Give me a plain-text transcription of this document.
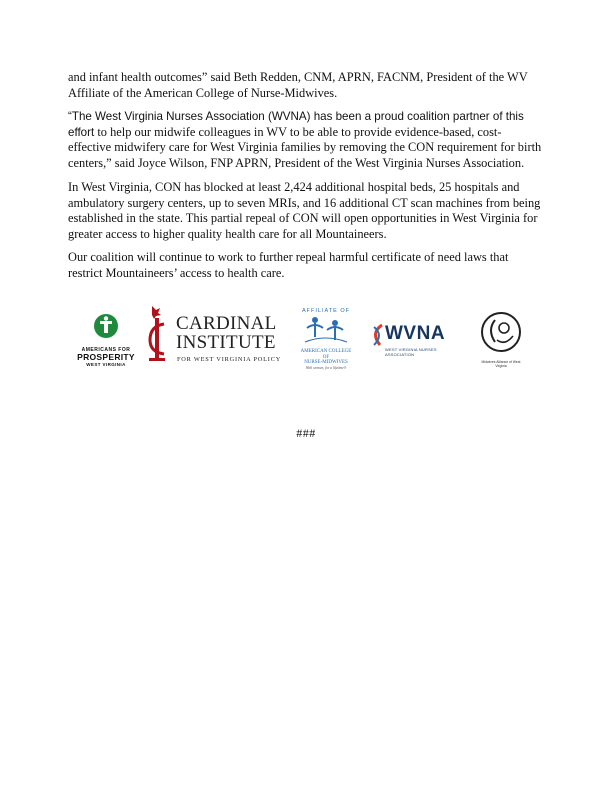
and infant health outcomes” said Beth Redden, CNM, APRN, FACNM, President of the WV Affiliate of the American College of Nurse-Midwives.

“The West Virginia Nurses Association (WVNA) has been a proud coalition partner of this effort to help our midwife colleagues in WV to be able to provide evidence-based, cost-effective midwifery care for West Virginia families by removing the CON requirement for birth centers,” said Joyce Wilson, FNP APRN, President of the West Virginia Nurses Association.

In West Virginia, CON has blocked at least 2,424 additional hospital beds, 25 hospitals and ambulatory surgery centers, up to seven MRIs, and 16 additional CT scan machines from being established in the state. This partial repeal of CON will open opportunities in West Virginia for greater access to higher quality health care for all Mountaineers.

Our coalition will continue to work to further repeal harmful certificate of need laws that restrict Mountaineers’ access to health care.

AMERICANS FOR
PROSPERITY
WEST VIRGINIA
CARDINAL
INSTITUTE
FOR WEST VIRGINIA POLICY
AFFILIATE OF
AMERICAN COLLEGE
OF
NURSE-MIDWIVES
With women, for a lifetime®
WVNA
WEST VIRGINIA NURSES ASSOCIATION
Midwives Alliance of West Virginia
###
